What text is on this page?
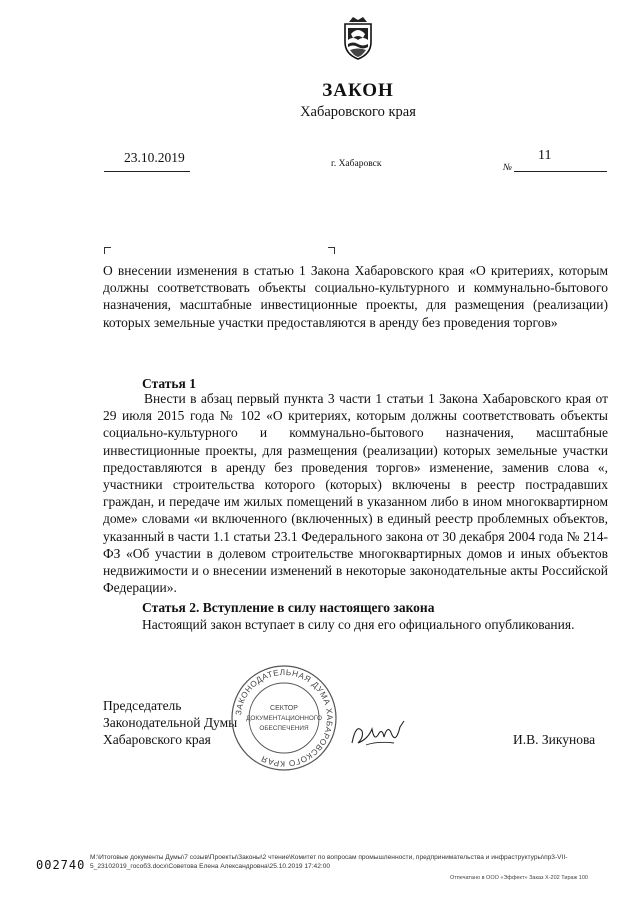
ЗАКОН
Хабаровского края
23.10.2019	г. Хабаровск	№
11
О внесении изменения в статью 1 Закона Хабаровского края «О критериях, которым должны соответствовать объекты социально-культурного и коммунально-бытового назначения, масштабные инвестиционные проекты, для размещения (реализации) которых земельные участки предоставляются в аренду без проведения торгов»
Статья 1
Внести в абзац первый пункта 3 части 1 статьи 1 Закона Хабаровского края от 29 июля 2015 года № 102 «О критериях, которым должны соответствовать объекты социально-культурного и коммунально-бытового назначения, масштабные инвестиционные проекты, для размещения (реализации) которых земельные участки предоставляются в аренду без проведения торгов» изменение, заменив слова «, участники строительства которого (которых) включены в реестр пострадавших граждан, и передаче им жилых помещений в указанном либо в ином многоквартирном доме» словами «и включенного (включенных) в единый реестр проблемных объектов, указанный в части 1.1 статьи 23.1 Федерального закона от 30 декабря 2004 года № 214-ФЗ «Об участии в долевом строительстве многоквартирных домов и иных объектов недвижимости и о внесении изменений в некоторые законодательные акты Российской Федерации».
Статья 2. Вступление в силу настоящего закона
Настоящий закон вступает в силу со дня его официального опубликования.
Председатель
Законодательной Думы
Хабаровского края
ЗАКОНОДАТЕЛЬНАЯ ДУМА ХАБАРОВСКОГО КРАЯ
СЕКТОР
ДОКУМЕНТАЦИОННОГО
ОБЕСПЕЧЕНИЯ
И.В. Зикунова
002740
M:\Итоговые документы Думы\7 созыв\Проекты\Законы\2 чтение\Комитет по вопросам промышленности, предпринимательства и инфраструктуры\пр3-VII-5_23102019_гособ3.docx\Советова Елена Александровна\25.10.2019 17:42:00
Отпечатано в ООО «Эффект» Заказ Х-202 Тираж 100
